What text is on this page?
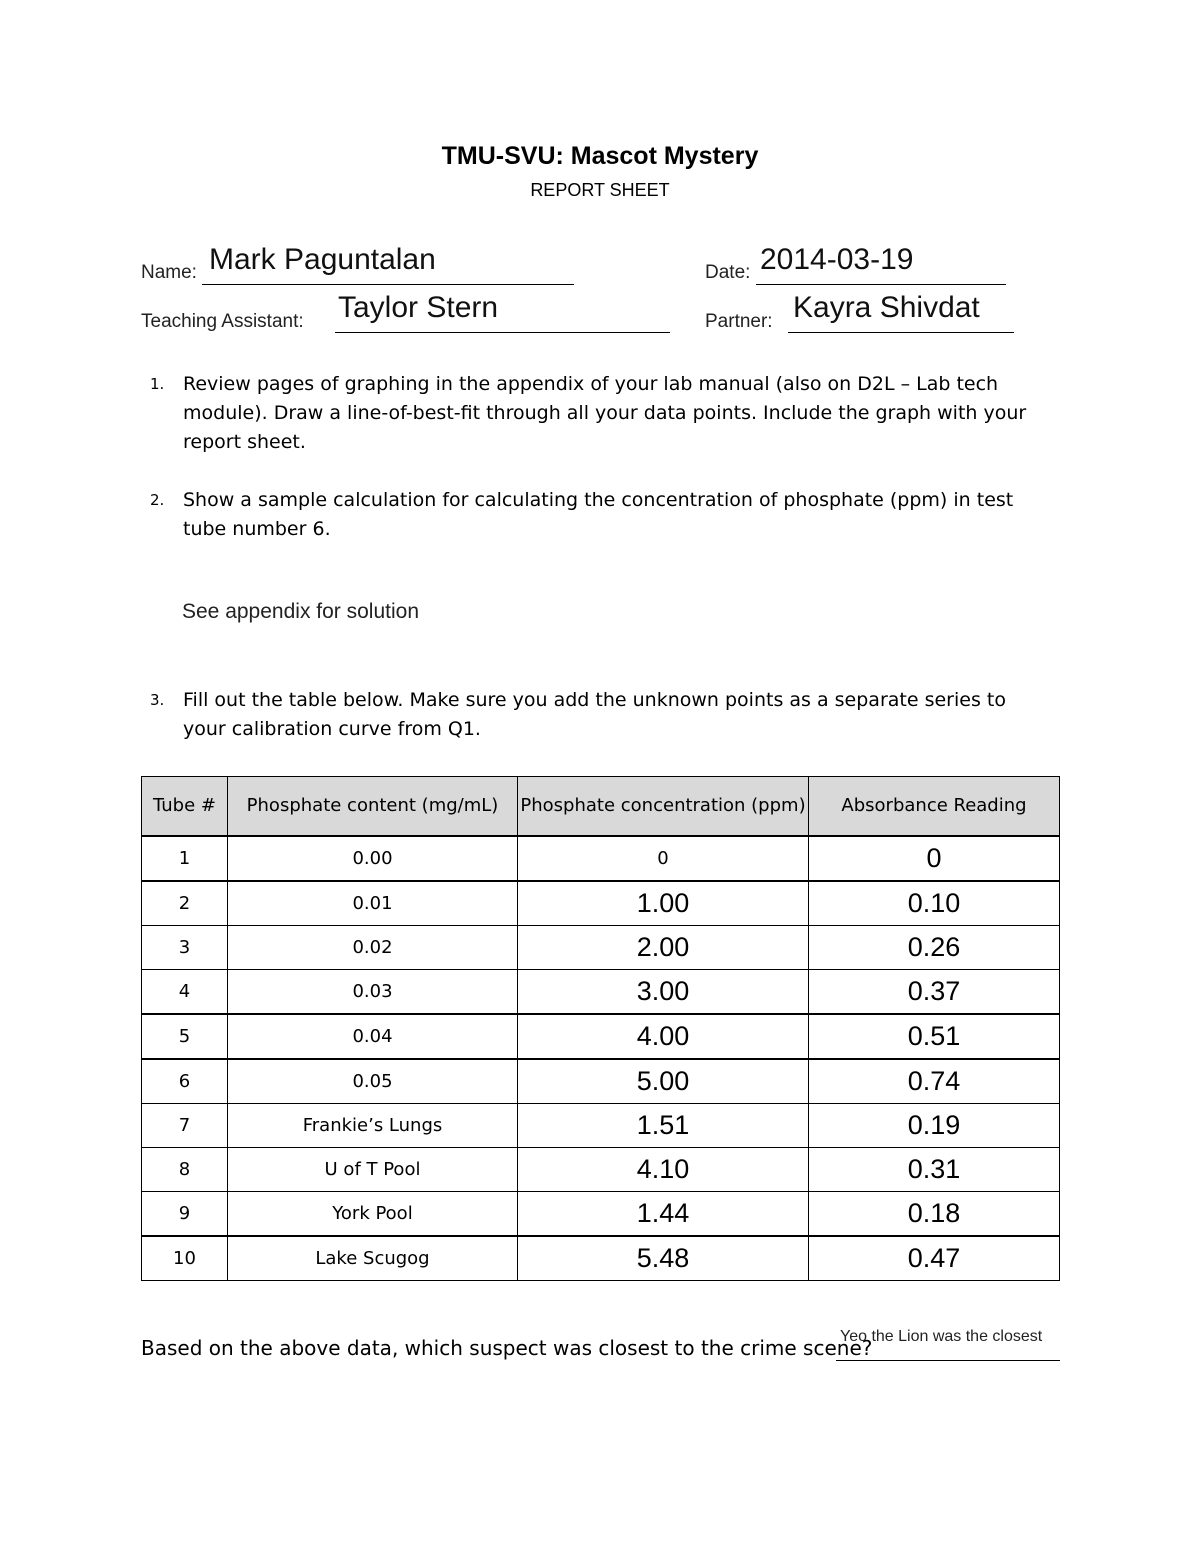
TMU-SVU: Mascot Mystery
REPORT SHEET
Name: Mark Paguntalan	Date: 2014-03-19
Teaching Assistant: Taylor Stern	Partner: Kayra Shivdat
1. Review pages of graphing in the appendix of your lab manual (also on D2L – Lab tech module). Draw a line-of-best-fit through all your data points. Include the graph with your report sheet.
2. Show a sample calculation for calculating the concentration of phosphate (ppm) in test tube number 6.
See appendix for solution
3. Fill out the table below. Make sure you add the unknown points as a separate series to your calibration curve from Q1.
Tube #	Phosphate content (mg/mL)	Phosphate concentration (ppm)	Absorbance Reading
1	0.00	0	0
2	0.01	1.00	0.10
3	0.02	2.00	0.26
4	0.03	3.00	0.37
5	0.04	4.00	0.51
6	0.05	5.00	0.74
7	Frankie’s Lungs	1.51	0.19
8	U of T Pool	4.10	0.31
9	York Pool	1.44	0.18
10	Lake Scugog	5.48	0.47
Based on the above data, which suspect was closest to the crime scene?
Yeo the Lion was the closest
